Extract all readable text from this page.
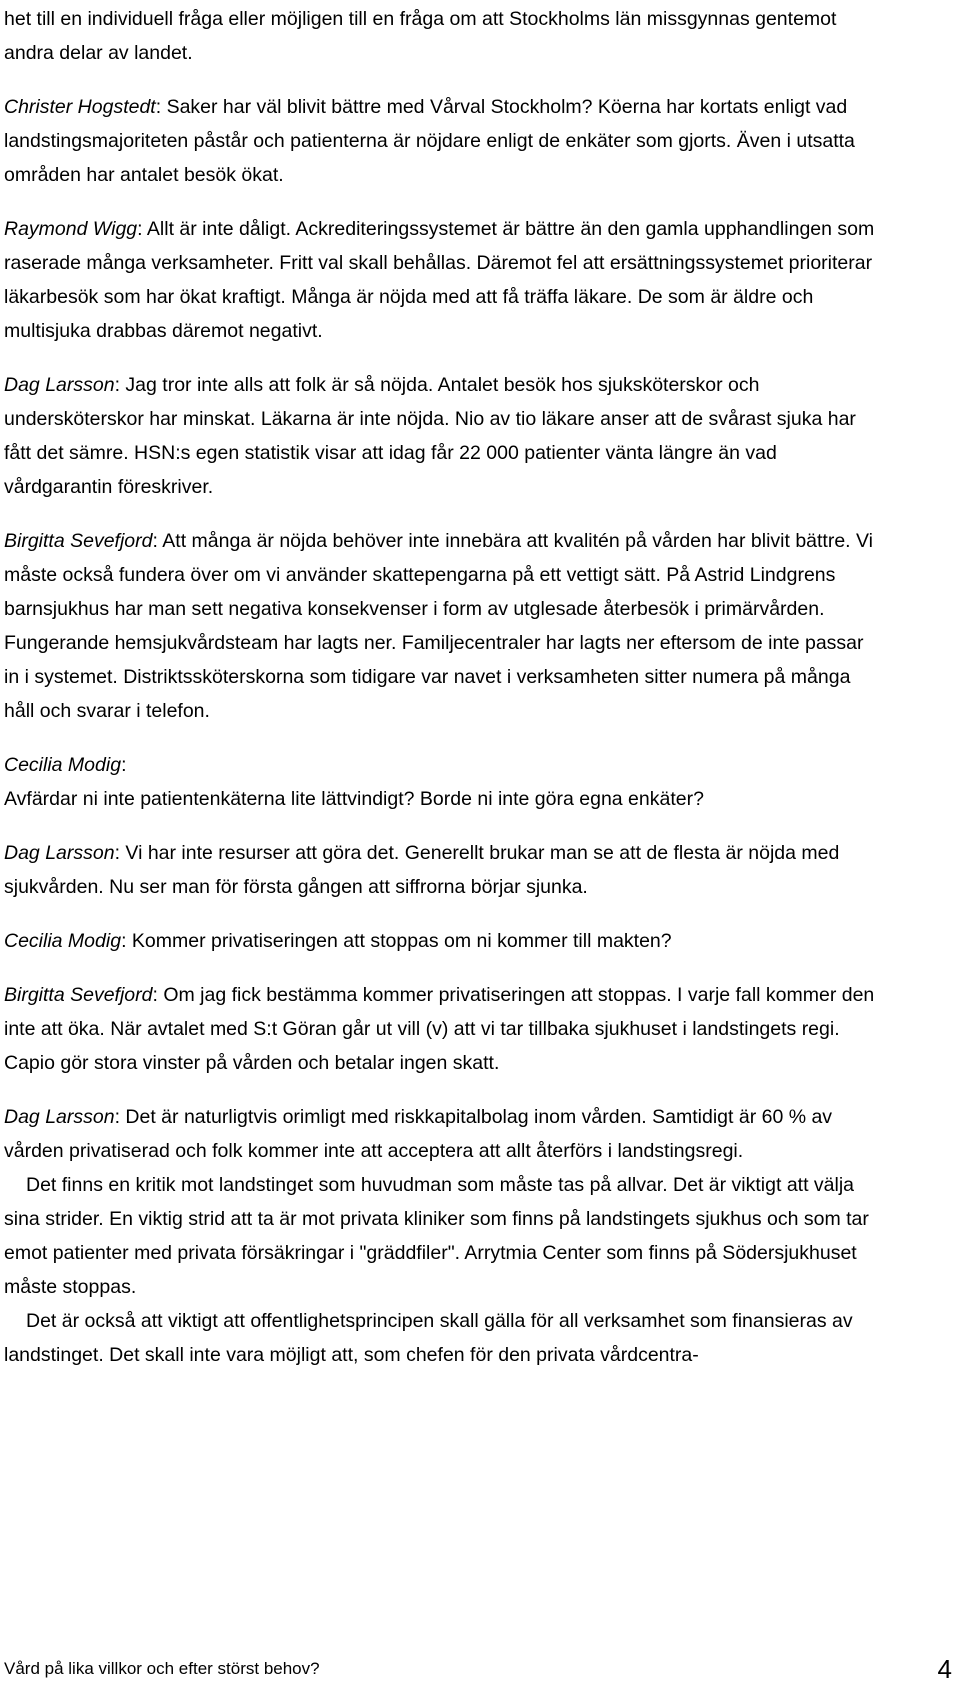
het till en individuell fråga eller möjligen till en fråga om att Stockholms län missgynnas gentemot andra delar av landet.

Christer Hogstedt: Saker har väl blivit bättre med Vårval Stockholm? Köerna har kortats enligt vad landstingsmajoriteten påstår och patienterna är nöjdare enligt de enkäter som gjorts. Även i utsatta områden har antalet besök ökat.

Raymond Wigg: Allt är inte dåligt. Ackrediteringssystemet är bättre än den gamla upphandlingen som raserade många verksamheter. Fritt val skall behållas. Däremot fel att ersättningssystemet prioriterar läkarbesök som har ökat kraftigt. Många är nöjda med att få träffa läkare. De som är äldre och multisjuka drabbas däremot negativt.

Dag Larsson: Jag tror inte alls att folk är så nöjda. Antalet besök hos sjuksköterskor och undersköterskor har minskat. Läkarna är inte nöjda. Nio av tio läkare anser att de svårast sjuka har fått det sämre. HSN:s egen statistik visar att idag får 22 000 patienter vänta längre än vad vårdgarantin föreskriver.

Birgitta Sevefjord: Att många är nöjda behöver inte innebära att kvalitén på vården har blivit bättre. Vi måste också fundera över om vi använder skattepengarna på ett vettigt sätt. På Astrid Lindgrens barnsjukhus har man sett negativa konsekvenser i form av utglesade återbesök i primärvården. Fungerande hemsjukvårdsteam har lagts ner. Familjecentraler har lagts ner eftersom de inte passar in i systemet. Distriktssköterskorna som tidigare var navet i verksamheten sitter numera på många håll och svarar i telefon.

Cecilia Modig:

Avfärdar ni inte patientenkäterna lite lättvindigt? Borde ni inte göra egna enkäter?

Dag Larsson: Vi har inte resurser att göra det. Generellt brukar man se att de flesta är nöjda med sjukvården. Nu ser man för första gången att siffrorna börjar sjunka.

Cecilia Modig: Kommer privatiseringen att stoppas om ni kommer till makten?

Birgitta Sevefjord: Om jag fick bestämma kommer privatiseringen att stoppas. I varje fall kommer den inte att öka. När avtalet med S:t Göran går ut vill (v) att vi tar tillbaka sjukhuset i landstingets regi. Capio gör stora vinster på vården och betalar ingen skatt.

Dag Larsson: Det är naturligtvis orimligt med riskkapitalbolag inom vården. Samtidigt är 60 % av vården privatiserad och folk kommer inte att acceptera att allt återförs i landstingsregi.

Det finns en kritik mot landstinget som huvudman som måste tas på allvar. Det är viktigt att välja sina strider. En viktig strid att ta är mot privata kliniker som finns på landstingets sjukhus och som tar emot patienter med privata försäkringar i "gräddfiler". Arrytmia Center som finns på Södersjukhuset måste stoppas.

Det är också att viktigt att offentlighetsprincipen skall gälla för all verksamhet som finansieras av landstinget. Det skall inte vara möjligt att, som chefen för den privata vårdcentra-

Vård på lika villkor och efter störst behov?	4
